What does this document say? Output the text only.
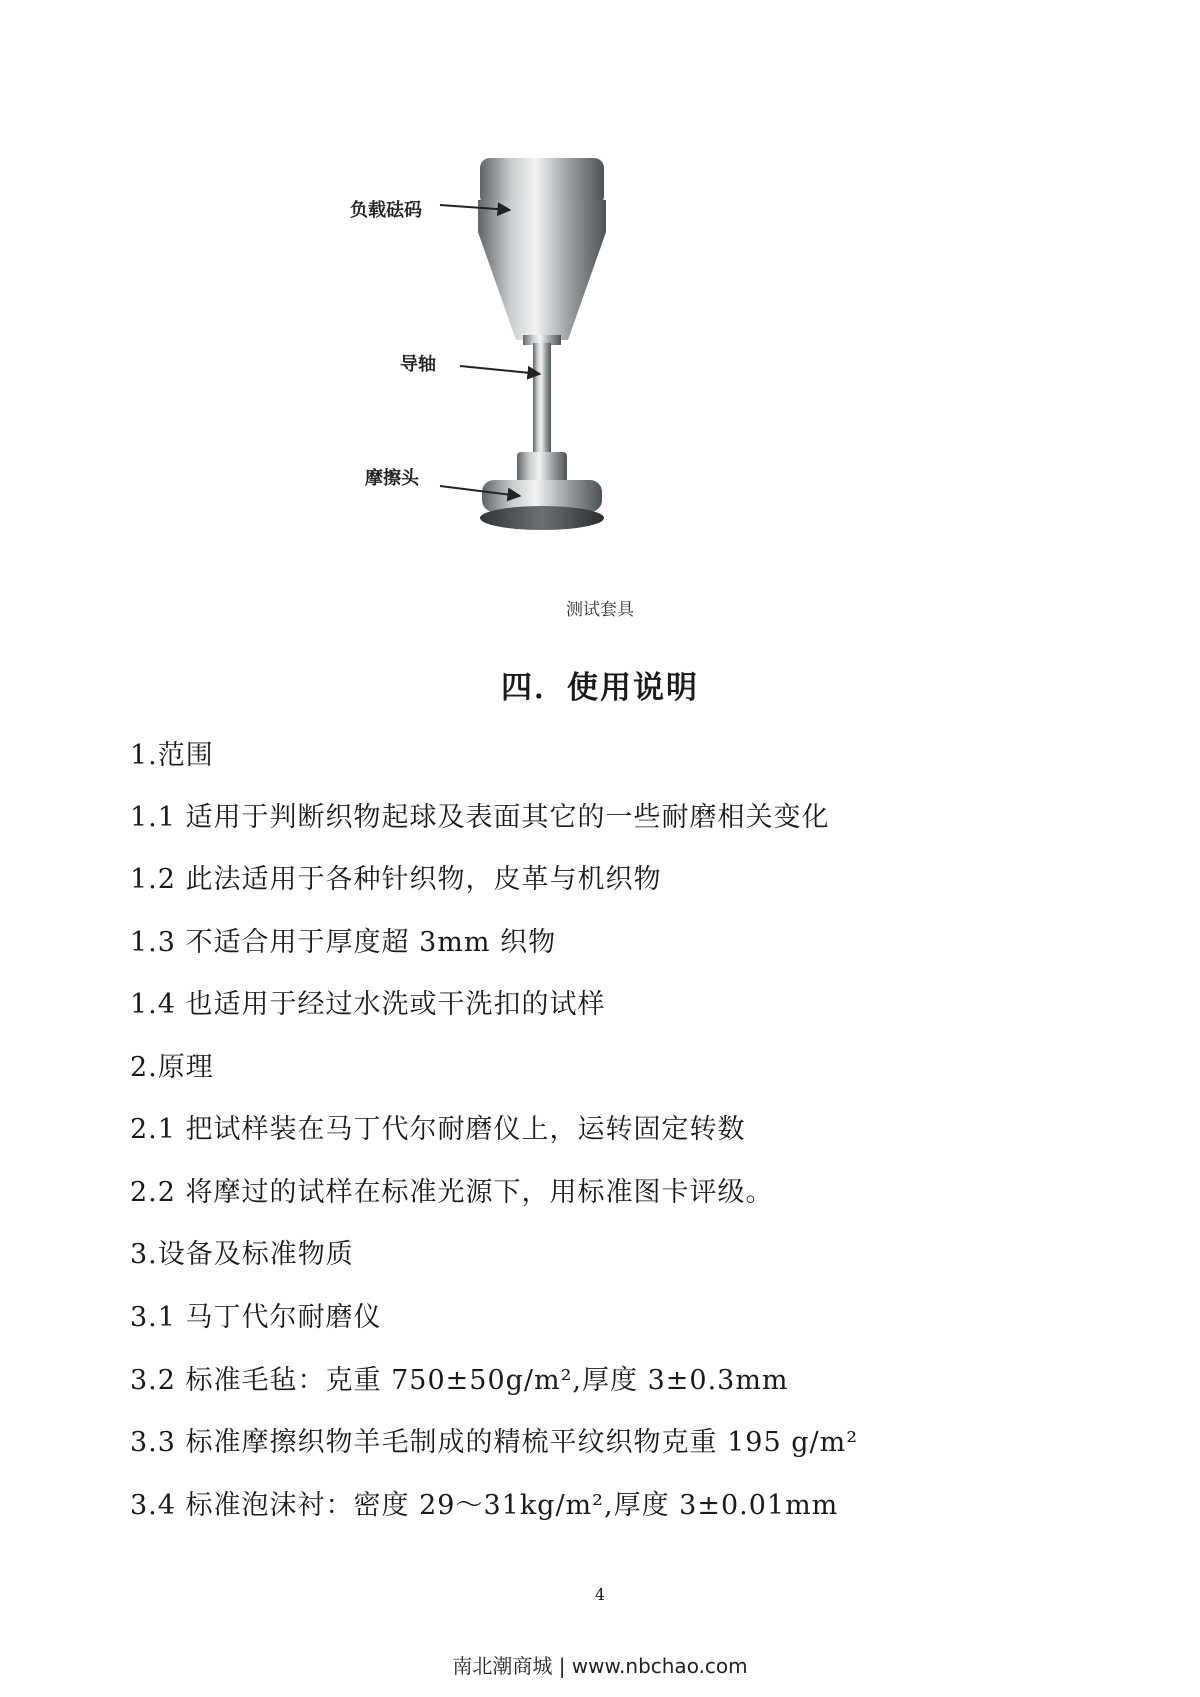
负载砝码
导轴
摩擦头
测试套具
四．使用说明
1.范围
1.1 适用于判断织物起球及表面其它的一些耐磨相关变化
1.2 此法适用于各种针织物，皮革与机织物
1.3 不适合用于厚度超 3mm 织物
1.4 也适用于经过水洗或干洗扣的试样
2.原理
2.1 把试样装在马丁代尔耐磨仪上，运转固定转数
2.2 将摩过的试样在标准光源下，用标准图卡评级。
3.设备及标准物质
3.1 马丁代尔耐磨仪
3.2 标准毛毡：克重 750±50g/m²,厚度 3±0.3mm
3.3 标准摩擦织物羊毛制成的精梳平纹织物克重 195 g/m²
3.4 标准泡沫衬：密度 29～31kg/m²,厚度 3±0.01mm
4
南北潮商城 | www.nbchao.com
